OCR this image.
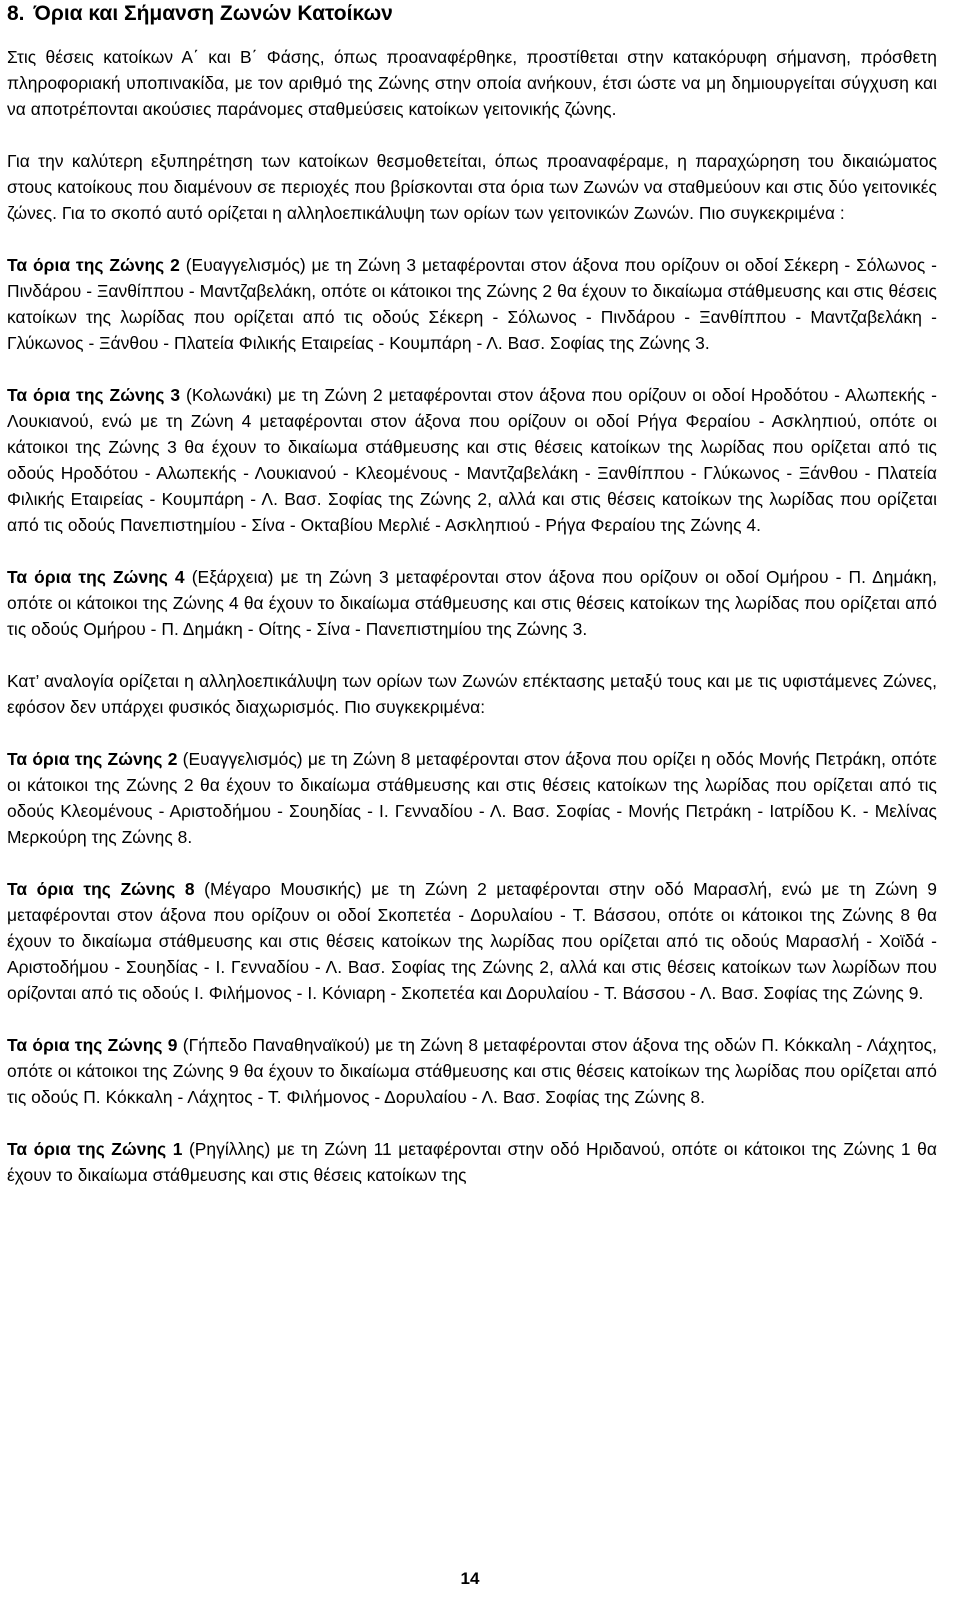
8. Όρια και Σήμανση Ζωνών Κατοίκων

Στις θέσεις κατοίκων Α΄ και Β΄ Φάσης, όπως προαναφέρθηκε, προστίθεται στην κατακόρυφη σήμανση, πρόσθετη πληροφοριακή υποπινακίδα, με τον αριθμό της Ζώνης στην οποία ανήκουν, έτσι ώστε να μη δημιουργείται σύγχυση και να αποτρέπονται ακούσιες παράνομες σταθμεύσεις κατοίκων γειτονικής ζώνης.

Για την καλύτερη εξυπηρέτηση των κατοίκων θεσμοθετείται, όπως προαναφέραμε, η παραχώρηση του δικαιώματος στους κατοίκους που διαμένουν σε περιοχές που βρίσκονται στα όρια των Ζωνών να σταθμεύουν και στις δύο γειτονικές ζώνες. Για το σκοπό αυτό ορίζεται η αλληλοεπικάλυψη των ορίων των γειτονικών Ζωνών. Πιο συγκεκριμένα :

Τα όρια της Ζώνης 2 (Ευαγγελισμός) με τη Ζώνη 3 μεταφέρονται στον άξονα που ορίζουν οι οδοί Σέκερη - Σόλωνος - Πινδάρου - Ξανθίππου - Μαντζαβελάκη, οπότε οι κάτοικοι της Ζώνης 2 θα έχουν το δικαίωμα στάθμευσης και στις θέσεις κατοίκων της λωρίδας που ορίζεται από τις οδούς Σέκερη - Σόλωνος - Πινδάρου - Ξανθίππου - Μαντζαβελάκη - Γλύκωνος - Ξάνθου - Πλατεία Φιλικής Εταιρείας - Κουμπάρη - Λ. Βασ. Σοφίας της Ζώνης 3.

Τα όρια της Ζώνης 3 (Κολωνάκι) με τη Ζώνη 2 μεταφέρονται στον άξονα που ορίζουν οι οδοί Ηροδότου - Αλωπεκής - Λουκιανού, ενώ με τη Ζώνη 4 μεταφέρονται στον άξονα που ορίζουν οι οδοί Ρήγα Φεραίου - Ασκληπιού, οπότε οι κάτοικοι της Ζώνης 3 θα έχουν το δικαίωμα στάθμευσης και στις θέσεις κατοίκων της λωρίδας που ορίζεται από τις οδούς Ηροδότου - Αλωπεκής - Λουκιανού - Κλεομένους - Μαντζαβελάκη - Ξανθίππου - Γλύκωνος - Ξάνθου - Πλατεία Φιλικής Εταιρείας - Κουμπάρη - Λ. Βασ. Σοφίας της Ζώνης 2, αλλά και στις θέσεις κατοίκων της λωρίδας που ορίζεται από τις οδούς Πανεπιστημίου - Σίνα - Οκταβίου Μερλιέ - Ασκληπιού - Ρήγα Φεραίου της Ζώνης 4.

Τα όρια της Ζώνης 4 (Εξάρχεια) με τη Ζώνη 3 μεταφέρονται στον άξονα που ορίζουν οι οδοί Ομήρου - Π. Δημάκη, οπότε οι κάτοικοι της Ζώνης 4 θα έχουν το δικαίωμα στάθμευσης και στις θέσεις κατοίκων της λωρίδας που ορίζεται από τις οδούς Ομήρου - Π. Δημάκη - Οίτης - Σίνα - Πανεπιστημίου της Ζώνης 3.

Κατ’ αναλογία ορίζεται η αλληλοεπικάλυψη των ορίων των Ζωνών επέκτασης μεταξύ τους και με τις υφιστάμενες Ζώνες, εφόσον δεν υπάρχει φυσικός διαχωρισμός. Πιο συγκεκριμένα:

Τα όρια της Ζώνης 2 (Ευαγγελισμός) με τη Ζώνη 8 μεταφέρονται στον άξονα που ορίζει η οδός Μονής Πετράκη, οπότε οι κάτοικοι της Ζώνης 2 θα έχουν το δικαίωμα στάθμευσης και στις θέσεις κατοίκων της λωρίδας που ορίζεται από τις οδούς Κλεομένους - Αριστοδήμου - Σουηδίας - Ι. Γενναδίου - Λ. Βασ. Σοφίας - Μονής Πετράκη - Ιατρίδου Κ. - Μελίνας Μερκούρη της Ζώνης 8.

Τα όρια της Ζώνης 8 (Μέγαρο Μουσικής) με τη Ζώνη 2 μεταφέρονται στην οδό Μαρασλή, ενώ με τη Ζώνη 9 μεταφέρονται στον άξονα που ορίζουν οι οδοί Σκοπετέα - Δορυλαίου - Τ. Βάσσου, οπότε οι κάτοικοι της Ζώνης 8 θα έχουν το δικαίωμα στάθμευσης και στις θέσεις κατοίκων της λωρίδας που ορίζεται από τις οδούς Μαρασλή - Χοϊδά - Αριστοδήμου - Σουηδίας - Ι. Γενναδίου - Λ. Βασ. Σοφίας της Ζώνης 2, αλλά και στις θέσεις κατοίκων των λωρίδων που ορίζονται από τις οδούς Ι. Φιλήμονος - Ι. Κόνιαρη - Σκοπετέα και Δορυλαίου - Τ. Βάσσου - Λ. Βασ. Σοφίας της Ζώνης 9.

Τα όρια της Ζώνης 9 (Γήπεδο Παναθηναϊκού) με τη Ζώνη 8 μεταφέρονται στον άξονα της οδών Π. Κόκκαλη - Λάχητος, οπότε οι κάτοικοι της Ζώνης 9 θα έχουν το δικαίωμα στάθμευσης και στις θέσεις κατοίκων της λωρίδας που ορίζεται από τις οδούς Π. Κόκκαλη - Λάχητος - Τ. Φιλήμονος - Δορυλαίου - Λ. Βασ. Σοφίας της Ζώνης 8.

Τα όρια της Ζώνης 1 (Ρηγίλλης) με τη Ζώνη 11 μεταφέρονται στην οδό Ηριδανού, οπότε οι κάτοικοι της Ζώνης 1 θα έχουν το δικαίωμα στάθμευσης και στις θέσεις κατοίκων της

14
